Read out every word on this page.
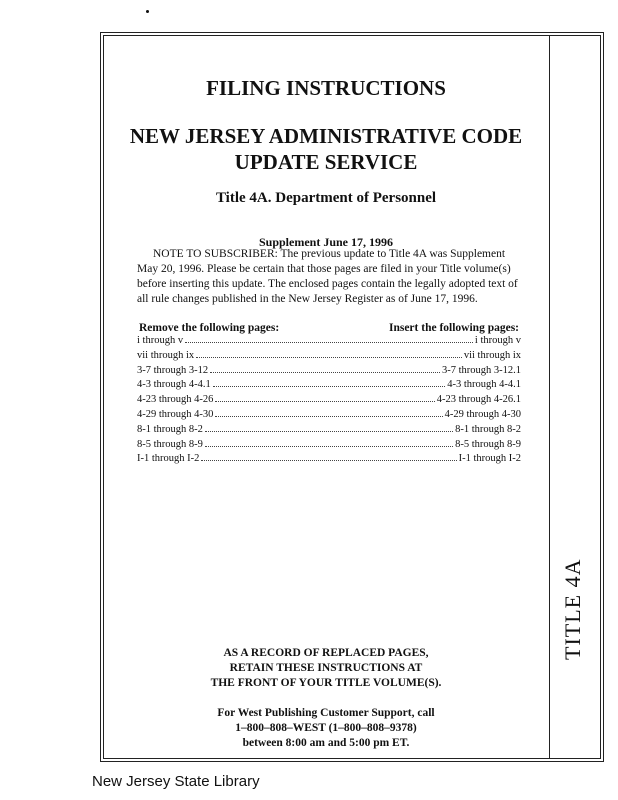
TITLE 4A
FILING INSTRUCTIONS
NEW JERSEY ADMINISTRATIVE CODE
UPDATE SERVICE
Title 4A. Department of Personnel
Supplement June 17, 1996

NOTE TO SUBSCRIBER: The previous update to Title 4A was Supplement May 20, 1996. Please be certain that those pages are filed in your Title volume(s) before inserting this update. The enclosed pages contain the legally adopted text of all rule changes published in the New Jersey Register as of June 17, 1996.

Remove the following pages:	Insert the following pages:
i through v	i through v
vii through ix	vii through ix
3-7 through 3-12	3-7 through 3-12.1
4-3 through 4-4.1	4-3 through 4-4.1
4-23 through 4-26	4-23 through 4-26.1
4-29 through 4-30	4-29 through 4-30
8-1 through 8-2	8-1 through 8-2
8-5 through 8-9	8-5 through 8-9
I-1 through I-2	I-1 through I-2

AS A RECORD OF REPLACED PAGES,

RETAIN THESE INSTRUCTIONS AT

THE FRONT OF YOUR TITLE VOLUME(S).

For West Publishing Customer Support, call

1–800–808–WEST (1–800–808–9378)

between 8:00 am and 5:00 pm ET.

New Jersey State Library
